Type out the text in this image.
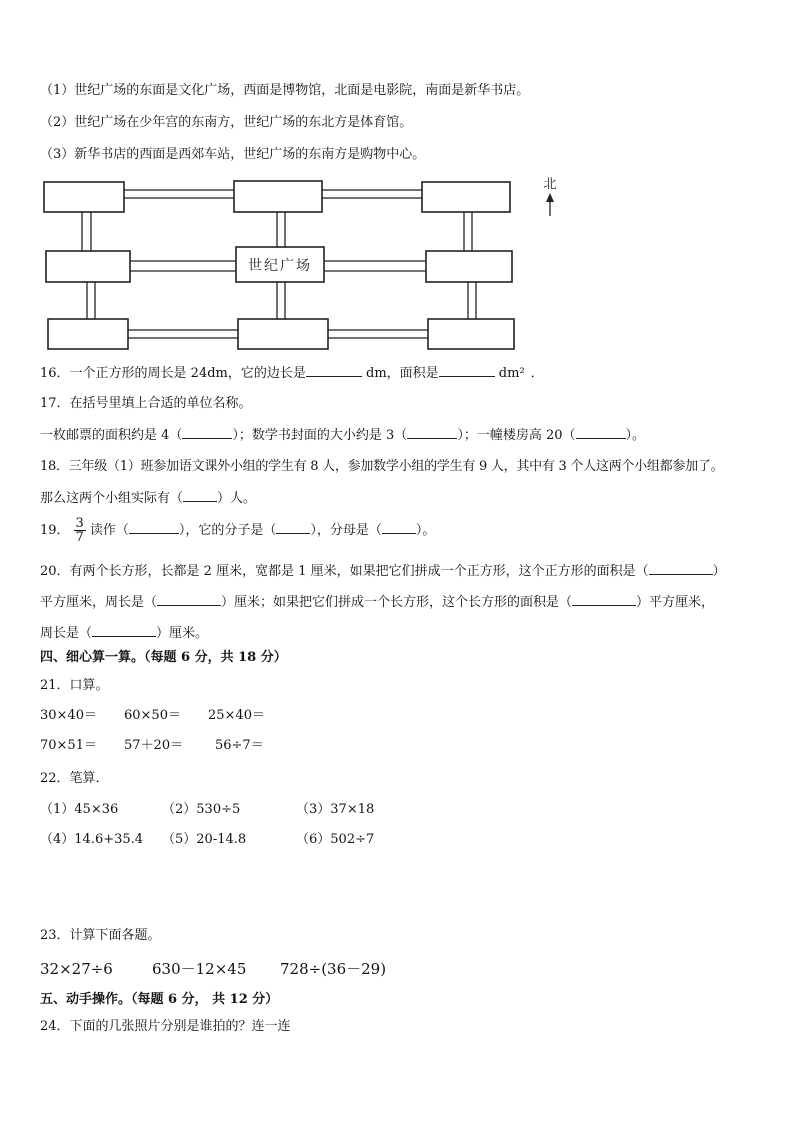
（1）世纪广场的东面是文化广场，西面是博物馆，北面是电影院，南面是新华书店。
（2）世纪广场在少年宫的东南方，世纪广场的东北方是体育馆。
（3）新华书店的西面是西郊车站，世纪广场的东南方是购物中心。
世纪广场
北
16．一个正方形的周长是 24dm，它的边长是	dm，面积是	dm² ．
17．在括号里填上合适的单位名称。
一枚邮票的面积约是 4（	）；数学书封面的大小约是 3（	）；一幢楼房高 20（	）。
18．三年级（1）班参加语文课外小组的学生有 8 人，参加数学小组的学生有 9 人，其中有 3 个人这两个小组都参加了。
那么这两个小组实际有（	）人。
19． $\frac{3}{7}$ 读作（	），它的分子是（	），分母是（	）。
20．有两个长方形，长都是 2 厘米，宽都是 1 厘米，如果把它们拼成一个正方形，这个正方形的面积是（	）
平方厘米，周长是（	）厘米；如果把它们拼成一个长方形，这个长方形的面积是（	）平方厘米，
周长是（	）厘米。
四、细心算一算。（每题 6 分，共 18 分）
21．口算。
30×40＝ 60×50＝ 25×40＝
70×51＝ 57＋20＝ 56÷7＝
22．笔算．
（1）45×36	（2）530÷5	（3）37×18
（4）14.6+35.4 （5）20-14.8	（6）502÷7
23．计算下面各题。
32×27÷6	630－12×45 728÷(36－29)
五、动手操作。（每题 6 分， 共 12 分）
24．下面的几张照片分别是谁拍的？连一连
